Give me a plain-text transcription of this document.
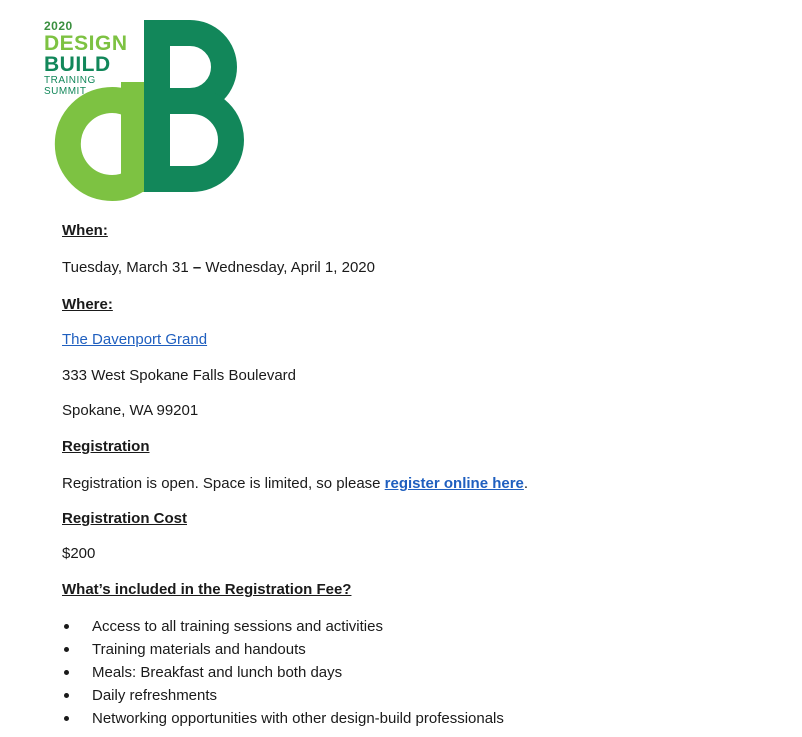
2020
DESIGN
BUILD
TRAINING
SUMMIT
When:
Tuesday, March 31 – Wednesday, April 1, 2020
Where:
The Davenport Grand
333 West Spokane Falls Boulevard
Spokane, WA 99201
Registration
Registration is open. Space is limited, so please register online here.
Registration Cost
$200
What’s included in the Registration Fee?
Access to all training sessions and activities
Training materials and handouts
Meals: Breakfast and lunch both days
Daily refreshments
Networking opportunities with other design-build professionals
